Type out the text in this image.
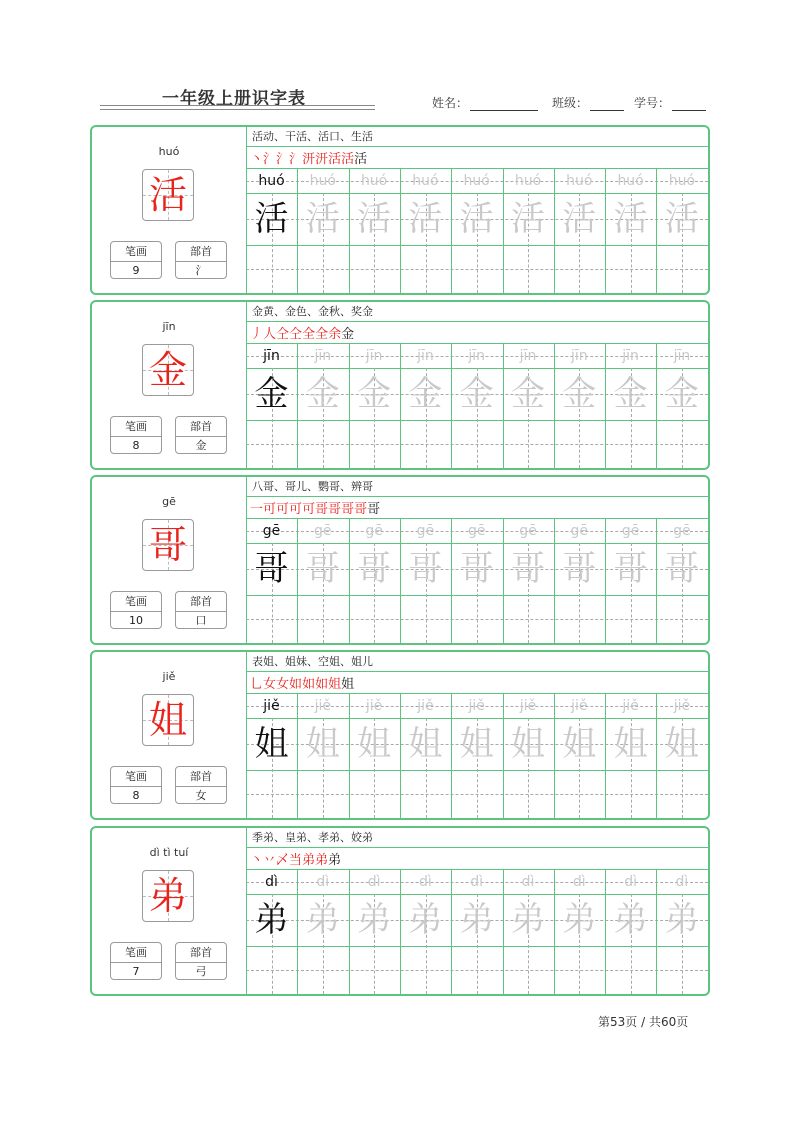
一年级上册识字表	姓名：	班级：	学号：
huó
活
笔画
9
部首
氵
活动、干活、活口、生活
丶 氵 氵 氵 汧 汧 活 活 活
huó
活
huó
活
huó
活
huó
活
huó
活
huó
活
huó
活
huó
活
huó
活
jīn
金
笔画
8
部首
金
金黄、金色、金秋、奖金
丿 人 仝 仝 全 全 余 金
jīn
金
jīn
金
jīn
金
jīn
金
jīn
金
jīn
金
jīn
金
jīn
金
jīn
金
gē
哥
笔画
10
部首
口
八哥、哥儿、鹦哥、辨哥
一 可 可 可 可 哥 哥 哥 哥 哥
gē
哥
gē
哥
gē
哥
gē
哥
gē
哥
gē
哥
gē
哥
gē
哥
gē
哥
jiě
姐
笔画
8
部首
女
表姐、姐妹、空姐、姐儿
乚 女 女 如 如 如 姐 姐
jiě
姐
jiě
姐
jiě
姐
jiě
姐
jiě
姐
jiě
姐
jiě
姐
jiě
姐
jiě
姐
dì tì tuí
弟
笔画
7
部首
弓
季弟、皇弟、孝弟、姣弟
丶 丷 乄 当 弟 弟 弟
dì
弟
dì
弟
dì
弟
dì
弟
dì
弟
dì
弟
dì
弟
dì
弟
dì
弟
第53页 / 共60页
